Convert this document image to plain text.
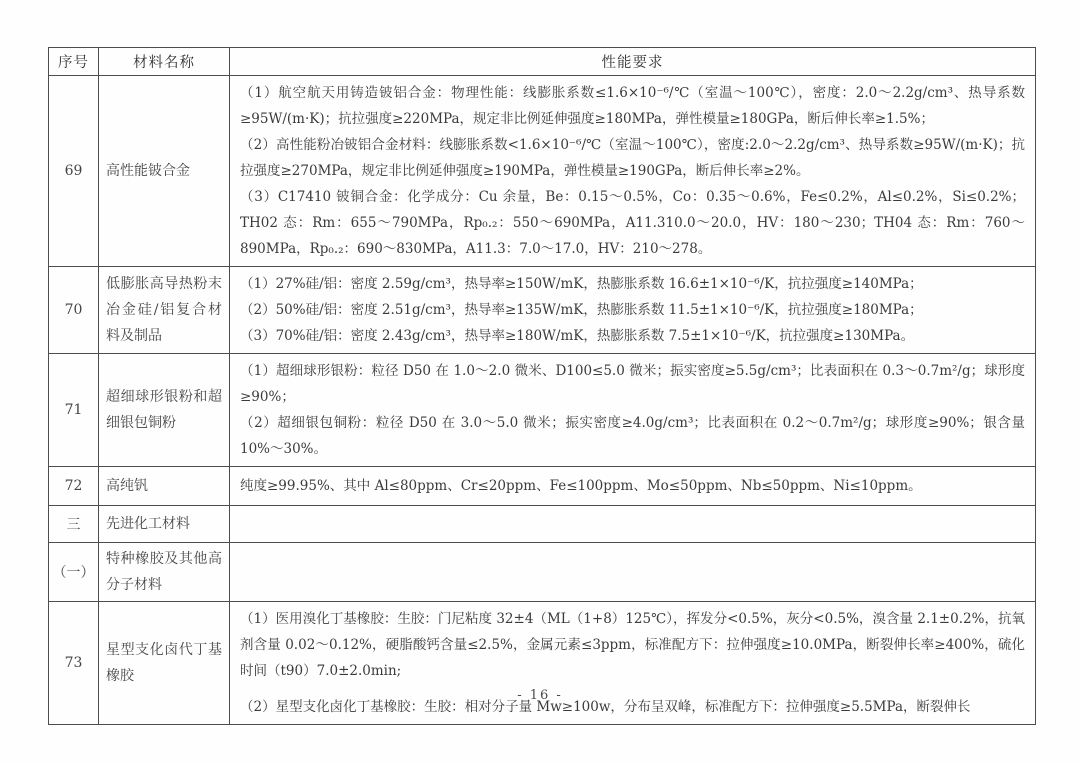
序号	材料名称	性能要求
69	高性能铍合金	（1）航空航天用铸造铍铝合金：物理性能：线膨胀系数≤1.6×10⁻⁶/℃（室温～100℃），密度：2.0～2.2g/cm³、热导系数≥95W/(m·K)；抗拉强度≥220MPa，规定非比例延伸强度≥180MPa，弹性模量≥180GPa，断后伸长率≥1.5%；

（2）高性能粉冶铍铝合金材料：线膨胀系数<1.6×10⁻⁶/℃（室温～100℃），密度:2.0～2.2g/cm³、热导系数≥95W/(m·K)；抗拉强度≥270MPa，规定非比例延伸强度≥190MPa，弹性模量≥190GPa，断后伸长率≥2%。

（3）C17410 铍铜合金：化学成分：Cu 余量，Be：0.15～0.5%，Co：0.35～0.6%，Fe≤0.2%，Al≤0.2%，Si≤0.2%；TH02 态：Rm：655～790MPa，Rp₀.₂：550～690MPa，A11.310.0～20.0，HV：180～230；TH04 态：Rm：760～890MPa，Rp₀.₂：690～830MPa，A11.3：7.0～17.0，HV：210～278。

70	低膨胀高导热粉末冶金硅/铝复合材料及制品	（1）27%硅/铝：密度 2.59g/cm³，热导率≥150W/mK，热膨胀系数 16.6±1×10⁻⁶/K，抗拉强度≥140MPa；

（2）50%硅/铝：密度 2.51g/cm³，热导率≥135W/mK，热膨胀系数 11.5±1×10⁻⁶/K，抗拉强度≥180MPa；

（3）70%硅/铝：密度 2.43g/cm³，热导率≥180W/mK，热膨胀系数 7.5±1×10⁻⁶/K，抗拉强度≥130MPa。

71	超细球形银粉和超细银包铜粉	（1）超细球形银粉：粒径 D50 在 1.0～2.0 微米、D100≤5.0 微米；振实密度≥5.5g/cm³；比表面积在 0.3～0.7m²/g；球形度≥90%；

（2）超细银包铜粉：粒径 D50 在 3.0～5.0 微米；振实密度≥4.0g/cm³；比表面积在 0.2～0.7m²/g；球形度≥90%；银含量 10%～30%。

72	高纯钒	纯度≥99.95%、其中 Al≤80ppm、Cr≤20ppm、Fe≤100ppm、Mo≤50ppm、Nb≤50ppm、Ni≤10ppm。

三	先进化工材料	
（一）	特种橡胶及其他高分子材料	
73	星型支化卤代丁基橡胶	（1）医用溴化丁基橡胶：生胶：门尼粘度 32±4（ML（1+8）125℃），挥发分<0.5%，灰分<0.5%，溴含量 2.1±0.2%，抗氧剂含量 0.02～0.12%，硬脂酸钙含量≤2.5%，金属元素≤3ppm，标准配方下：拉伸强度≥10.0MPa，断裂伸长率≥400%，硫化时间（t90）7.0±2.0min;

（2）星型支化卤化丁基橡胶：生胶：相对分子量 Mw≥100w，分布呈双峰，标准配方下：拉伸强度≥5.5MPa，断裂伸长

- 16 -
